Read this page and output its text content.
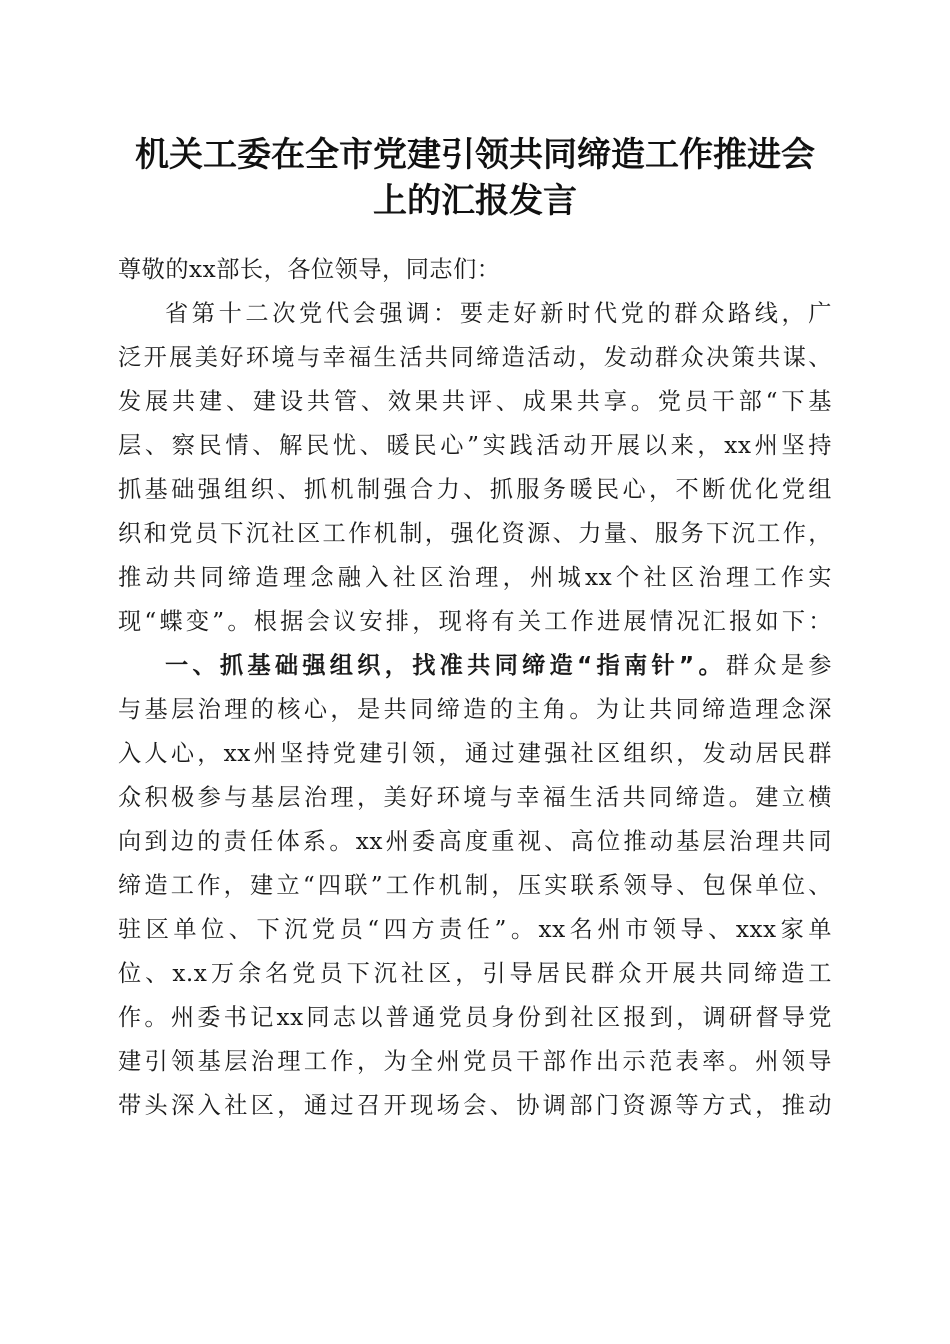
机关工委在全市党建引领共同缔造工作推进会
上的汇报发言
尊敬的xx部长，各位领导，同志们：
省第十二次党代会强调：要走好新时代党的群众路线，广
泛开展美好环境与幸福生活共同缔造活动，发动群众决策共谋、
发展共建、建设共管、效果共评、成果共享。党员干部“下基
层、察民情、解民忧、暖民心”实践活动开展以来，xx州坚持
抓基础强组织、抓机制强合力、抓服务暖民心，不断优化党组
织和党员下沉社区工作机制，强化资源、力量、服务下沉工作，
推动共同缔造理念融入社区治理，州城xx个社区治理工作实
现“蝶变”。根据会议安排，现将有关工作进展情况汇报如下：
一、抓基础强组织，找准共同缔造“指南针”。群众是参
与基层治理的核心，是共同缔造的主角。为让共同缔造理念深
入人心，xx州坚持党建引领，通过建强社区组织，发动居民群
众积极参与基层治理，美好环境与幸福生活共同缔造。建立横
向到边的责任体系。xx州委高度重视、高位推动基层治理共同
缔造工作，建立“四联”工作机制，压实联系领导、包保单位、
驻区单位、下沉党员“四方责任”。xx名州市领导、xxx家单
位、x.x万余名党员下沉社区，引导居民群众开展共同缔造工
作。州委书记xx同志以普通党员身份到社区报到，调研督导党
建引领基层治理工作，为全州党员干部作出示范表率。州领导
带头深入社区，通过召开现场会、协调部门资源等方式，推动
